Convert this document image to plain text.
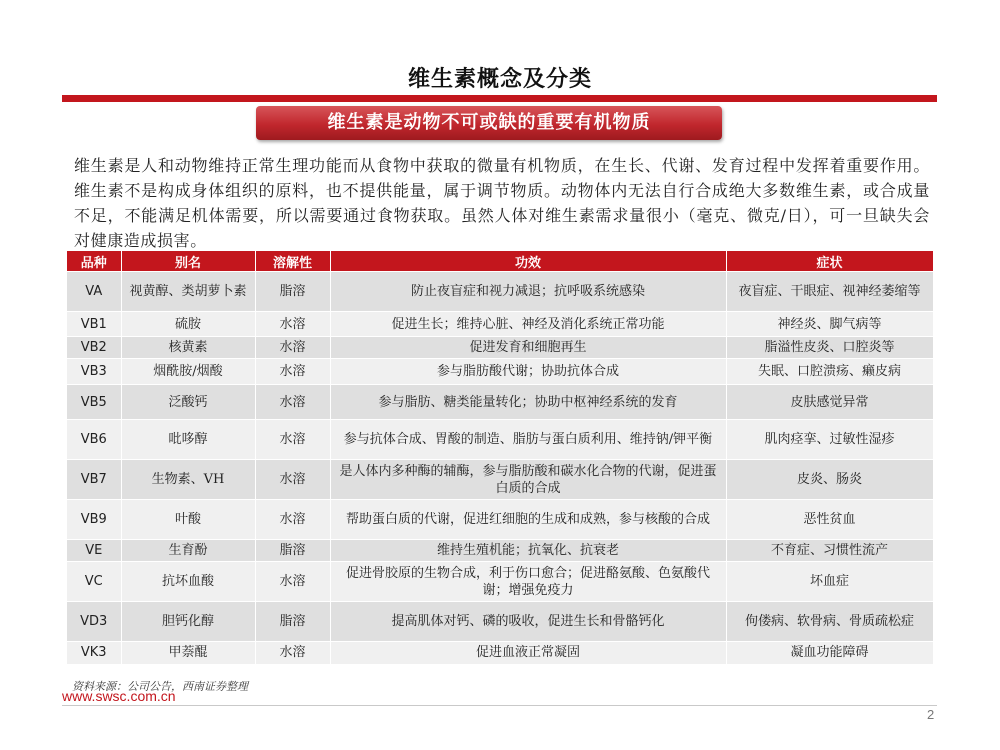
维生素概念及分类
维生素是动物不可或缺的重要有机物质
维生素是人和动物维持正常生理功能而从食物中获取的微量有机物质，在生长、代谢、发育过程中发挥着重要作用。维生素不是构成身体组织的原料，也不提供能量，属于调节物质。动物体内无法自行合成绝大多数维生素，或合成量不足，不能满足机体需要，所以需要通过食物获取。虽然人体对维生素需求量很小（毫克、微克/日），可一旦缺失会对健康造成损害。
品种	别名	溶解性	功效	症状
VA	视黄醇、类胡萝卜素	脂溶	防止夜盲症和视力减退；抗呼吸系统感染	夜盲症、干眼症、视神经萎缩等
VB1	硫胺	水溶	促进生长；维持心脏、神经及消化系统正常功能	神经炎、脚气病等
VB2	核黄素	水溶	促进发育和细胞再生	脂溢性皮炎、口腔炎等
VB3	烟酰胺/烟酸	水溶	参与脂肪酸代谢；协助抗体合成	失眠、口腔溃疡、癞皮病
VB5	泛酸钙	水溶	参与脂肪、糖类能量转化；协助中枢神经系统的发育	皮肤感觉异常
VB6	吡哆醇	水溶	参与抗体合成、胃酸的制造、脂肪与蛋白质利用、维持钠/钾平衡	肌肉痉挛、过敏性湿疹
VB7	生物素、VH	水溶	是人体内多种酶的辅酶，参与脂肪酸和碳水化合物的代谢，促进蛋白质的合成	皮炎、肠炎
VB9	叶酸	水溶	帮助蛋白质的代谢，促进红细胞的生成和成熟，参与核酸的合成	恶性贫血
VE	生育酚	脂溶	维持生殖机能；抗氧化、抗衰老	不育症、习惯性流产
VC	抗坏血酸	水溶	促进骨胶原的生物合成，利于伤口愈合；促进酪氨酸、色氨酸代谢；增强免疫力	坏血症
VD3	胆钙化醇	脂溶	提高肌体对钙、磷的吸收，促进生长和骨骼钙化	佝偻病、软骨病、骨质疏松症
VK3	甲萘醌	水溶	促进血液正常凝固	凝血功能障碍
资料来源：公司公告，西南证券整理
www.swsc.com.cn
2
